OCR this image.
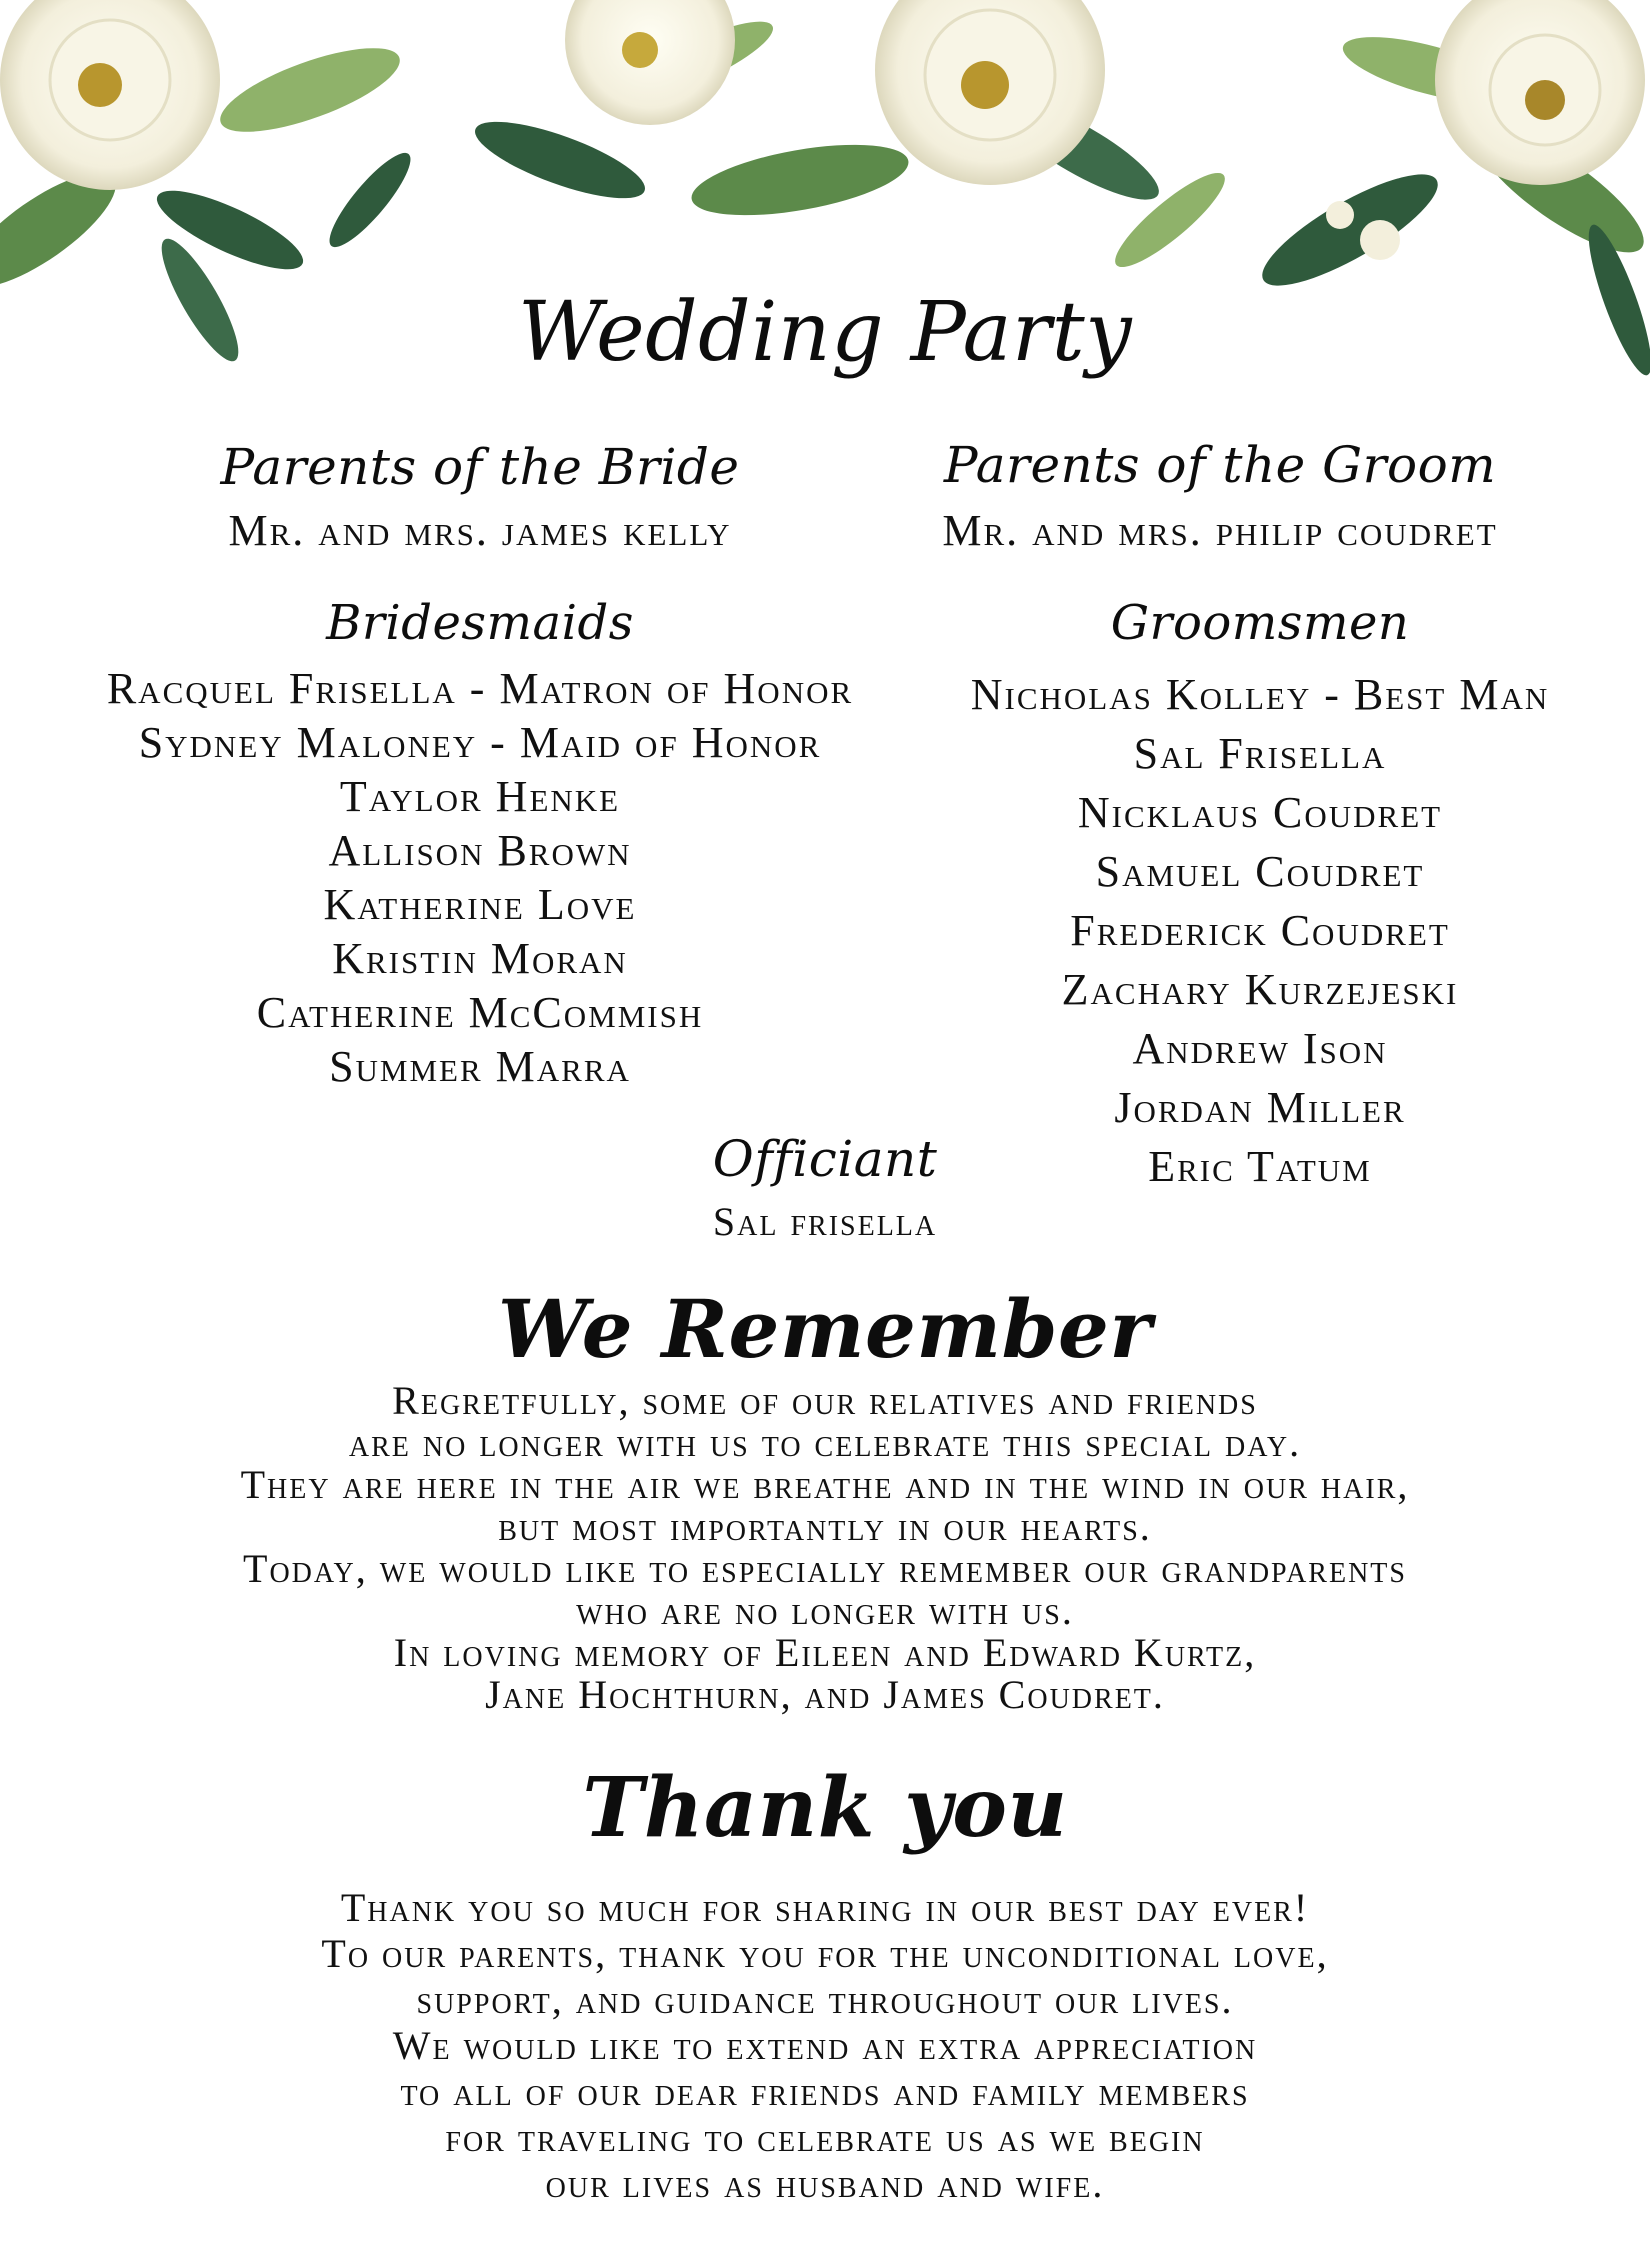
Wedding Party
Parents of the Bride

Mr. and mrs. james kelly

Parents of the Groom

Mr. and mrs. philip coudret

Bridesmaids
Racquel Frisella - Matron of Honor
Sydney Maloney - Maid of Honor
Taylor Henke
Allison Brown
Katherine Love
Kristin Moran
Catherine McCommish
Summer Marra
Groomsmen
Nicholas Kolley - Best Man
Sal Frisella
Nicklaus Coudret
Samuel Coudret
Frederick Coudret
Zachary Kurzejeski
Andrew Ison
Jordan Miller
Eric Tatum
Officiant

Sal frisella

We Remember
Regretfully, some of our relatives and friends
are no longer with us to celebrate this special day.
They are here in the air we breathe and in the wind in our hair,
but most importantly in our hearts.
Today, we would like to especially remember our grandparents
who are no longer with us.
In loving memory of Eileen and Edward Kurtz,
Jane Hochthurn, and James Coudret.
Thank you
Thank you so much for sharing in our best day ever!
To our parents, thank you for the unconditional love,
support, and guidance throughout our lives.
We would like to extend an extra appreciation
to all of our dear friends and family members
for traveling to celebrate us as we begin
our lives as husband and wife.
